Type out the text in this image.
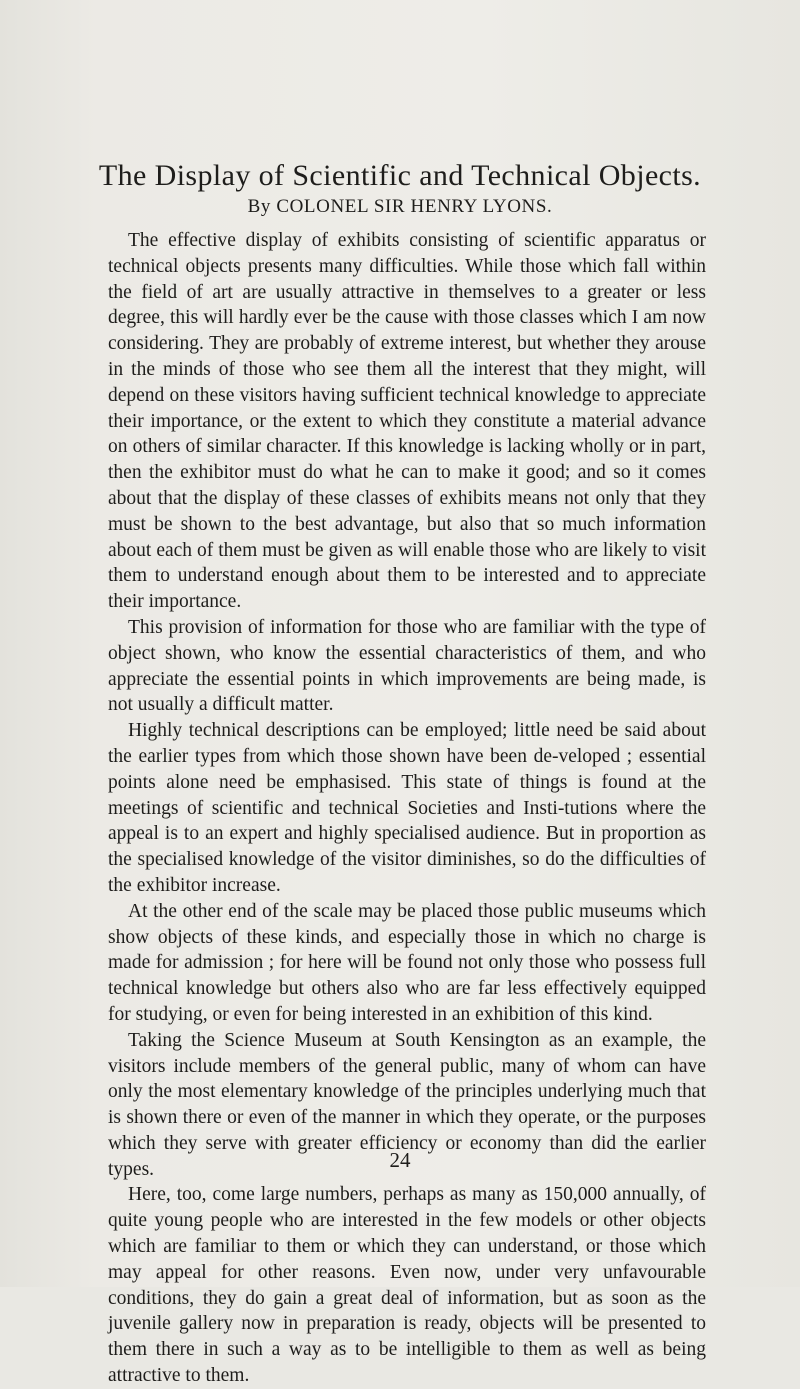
The Display of Scientific and Technical Objects.

By COLONEL SIR HENRY LYONS.

The effective display of exhibits consisting of scientific apparatus or technical objects presents many difficulties. While those which fall within the field of art are usually attractive in themselves to a greater or less degree, this will hardly ever be the cause with those classes which I am now considering. They are probably of extreme interest, but whether they arouse in the minds of those who see them all the interest that they might, will depend on these visitors having sufficient technical knowledge to appreciate their importance, or the extent to which they constitute a material advance on others of similar character. If this knowledge is lacking wholly or in part, then the exhibitor must do what he can to make it good; and so it comes about that the display of these classes of exhibits means not only that they must be shown to the best advantage, but also that so much information about each of them must be given as will enable those who are likely to visit them to understand enough about them to be interested and to appreciate their importance.

This provision of information for those who are familiar with the type of object shown, who know the essential characteristics of them, and who appreciate the essential points in which improvements are being made, is not usually a difficult matter.

Highly technical descriptions can be employed; little need be said about the earlier types from which those shown have been de-veloped ; essential points alone need be emphasised. This state of things is found at the meetings of scientific and technical Societies and Insti-tutions where the appeal is to an expert and highly specialised audience. But in proportion as the specialised knowledge of the visitor diminishes, so do the difficulties of the exhibitor increase.

At the other end of the scale may be placed those public museums which show objects of these kinds, and especially those in which no charge is made for admission ; for here will be found not only those who possess full technical knowledge but others also who are far less effectively equipped for studying, or even for being interested in an exhibition of this kind.

Taking the Science Museum at South Kensington as an example, the visitors include members of the general public, many of whom can have only the most elementary knowledge of the principles underlying much that is shown there or even of the manner in which they operate, or the purposes which they serve with greater efficiency or economy than did the earlier types.

Here, too, come large numbers, perhaps as many as 150,000 annually, of quite young people who are interested in the few models or other objects which are familiar to them or which they can understand, or those which may appeal for other reasons. Even now, under very unfavourable conditions, they do gain a great deal of information, but as soon as the juvenile gallery now in preparation is ready, objects will be presented to them there in such a way as to be intelligible to them as well as being attractive to them.

24
